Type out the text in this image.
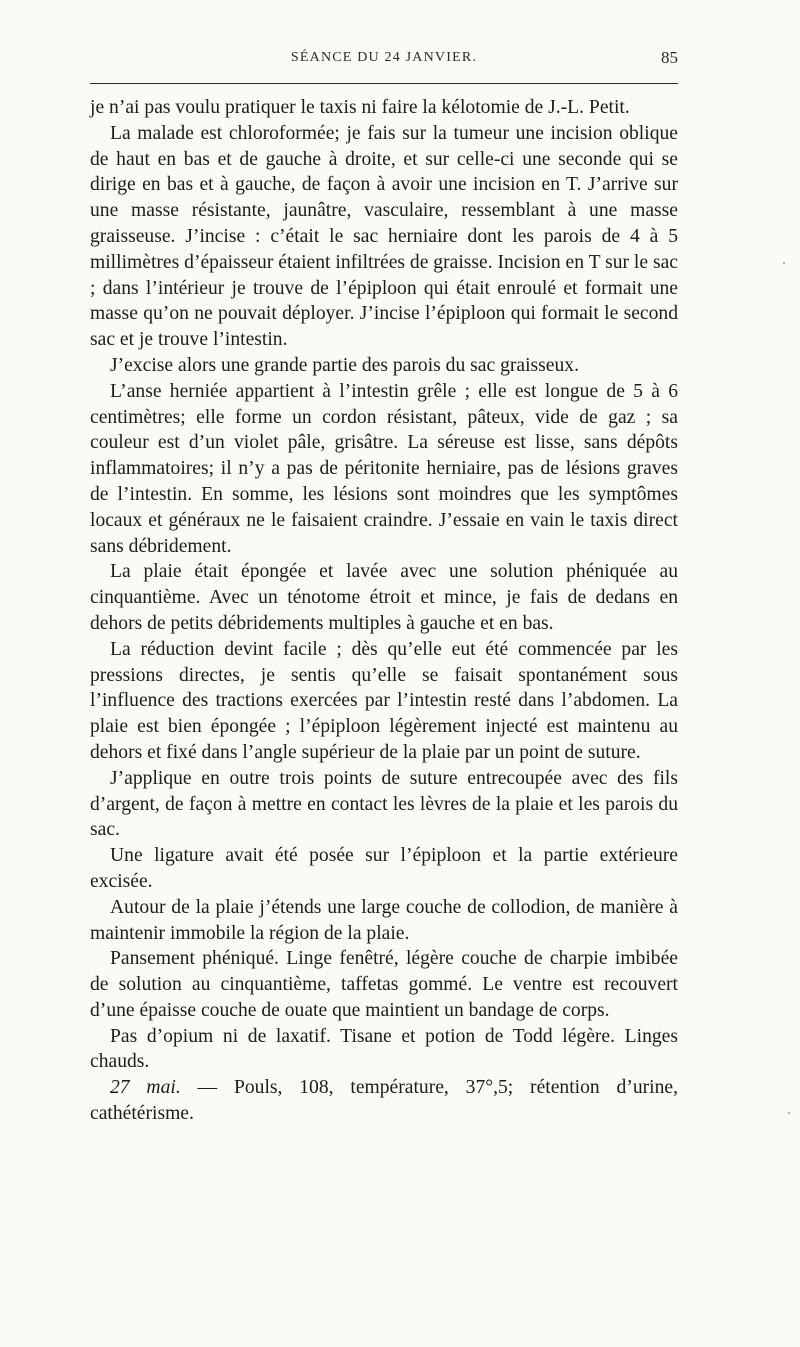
SÉANCE DU 24 JANVIER.	85

je n’ai pas voulu pratiquer le taxis ni faire la kélotomie de J.-L. Petit.

La malade est chloroformée; je fais sur la tumeur une incision oblique de haut en bas et de gauche à droite, et sur celle-ci une seconde qui se dirige en bas et à gauche, de façon à avoir une incision en T. J’arrive sur une masse résistante, jaunâtre, vasculaire, ressemblant à une masse graisseuse. J’incise : c’était le sac herniaire dont les parois de 4 à 5 millimètres d’épaisseur étaient infiltrées de graisse. Incision en T sur le sac ; dans l’intérieur je trouve de l’épiploon qui était enroulé et formait une masse qu’on ne pouvait déployer. J’incise l’épiploon qui formait le second sac et je trouve l’intestin.

J’excise alors une grande partie des parois du sac graisseux.

L’anse herniée appartient à l’intestin grêle ; elle est longue de 5 à 6 centimètres; elle forme un cordon résistant, pâteux, vide de gaz ; sa couleur est d’un violet pâle, grisâtre. La séreuse est lisse, sans dépôts inflammatoires; il n’y a pas de péritonite herniaire, pas de lésions graves de l’intestin. En somme, les lésions sont moindres que les symptômes locaux et généraux ne le faisaient craindre. J’essaie en vain le taxis direct sans débridement.

La plaie était épongée et lavée avec une solution phéniquée au cinquantième. Avec un ténotome étroit et mince, je fais de dedans en dehors de petits débridements multiples à gauche et en bas.

La réduction devint facile ; dès qu’elle eut été commencée par les pressions directes, je sentis qu’elle se faisait spontanément sous l’influence des tractions exercées par l’intestin resté dans l’abdomen. La plaie est bien épongée ; l’épiploon légèrement injecté est maintenu au dehors et fixé dans l’angle supérieur de la plaie par un point de suture.

J’applique en outre trois points de suture entrecoupée avec des fils d’argent, de façon à mettre en contact les lèvres de la plaie et les parois du sac.

Une ligature avait été posée sur l’épiploon et la partie extérieure excisée.

Autour de la plaie j’étends une large couche de collodion, de manière à maintenir immobile la région de la plaie.

Pansement phéniqué. Linge fenêtré, légère couche de charpie imbibée de solution au cinquantième, taffetas gommé. Le ventre est recouvert d’une épaisse couche de ouate que maintient un bandage de corps.

Pas d’opium ni de laxatif. Tisane et potion de Todd légère. Linges chauds.

27 mai. — Pouls, 108, température, 37°,5; rétention d’urine, cathétérisme.
